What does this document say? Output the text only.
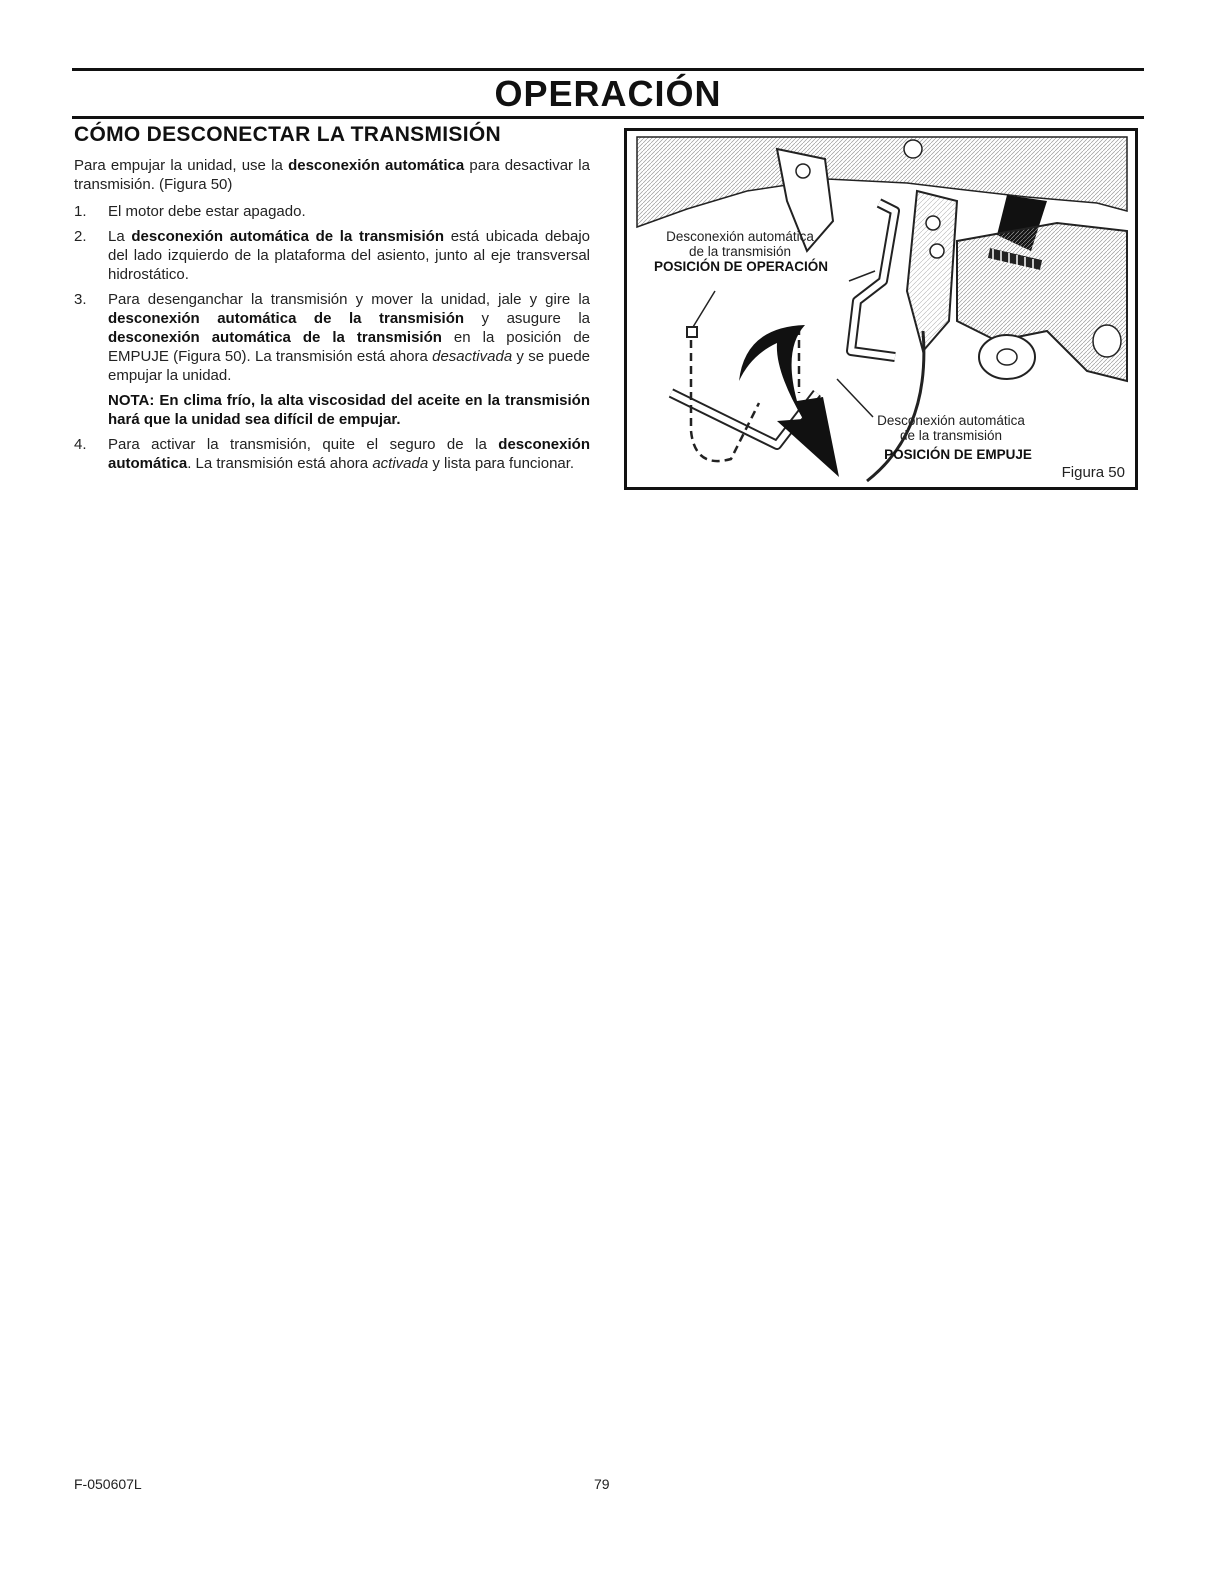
OPERACIÓN
CÓMO DESCONECTAR LA TRANSMISIÓN

Para empujar la unidad, use la desconexión automática para desactivar la transmisión. (Figura 50)

1. El motor debe estar apagado.
2. La desconexión automática de la transmisión está ubicada debajo del lado izquierdo de la plataforma del asiento, junto al eje transversal hidrostático.
3. Para desenganchar la transmisión y mover la unidad, jale y gire la desconexión automática de la transmisión y asugure la desconexión automática de la transmisión en la posición de EMPUJE (Figura 50). La transmisión está ahora desactivada y se puede empujar la unidad.

NOTA: En clima frío, la alta viscosidad del aceite en la transmisión hará que la unidad sea difícil de empujar.

4. Para activar la transmisión, quite el seguro de la desconexión automática. La transmisión está ahora activada y lista para funcionar.
Desconexión automática
de la transmisión
POSICIÓN DE OPERACIÓN
Desconexión automática
de la transmisión
POSICIÓN DE EMPUJE
Figura 50
F-050607L	79
